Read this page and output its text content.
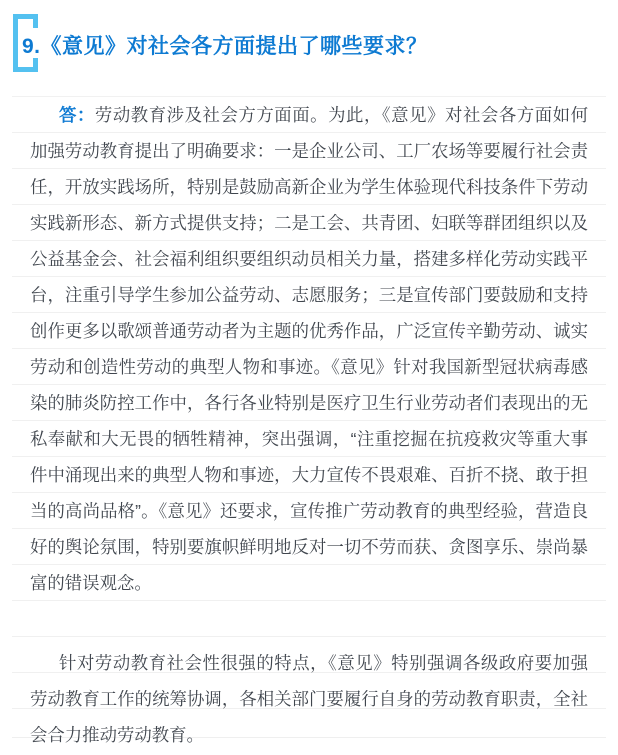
9.《意见》对社会各方面提出了哪些要求？

答：劳动教育涉及社会方方面面。为此，《意见》对社会各方面如何加强劳动教育提出了明确要求：一是企业公司、工厂农场等要履行社会责任，开放实践场所，特别是鼓励高新企业为学生体验现代科技条件下劳动实践新形态、新方式提供支持；二是工会、共青团、妇联等群团组织以及公益基金会、社会福利组织要组织动员相关力量，搭建多样化劳动实践平台，注重引导学生参加公益劳动、志愿服务；三是宣传部门要鼓励和支持创作更多以歌颂普通劳动者为主题的优秀作品，广泛宣传辛勤劳动、诚实劳动和创造性劳动的典型人物和事迹。《意见》针对我国新型冠状病毒感染的肺炎防控工作中，各行各业特别是医疗卫生行业劳动者们表现出的无私奉献和大无畏的牺牲精神，突出强调，“注重挖掘在抗疫救灾等重大事件中涌现出来的典型人物和事迹，大力宣传不畏艰难、百折不挠、敢于担当的高尚品格”。《意见》还要求，宣传推广劳动教育的典型经验，营造良好的舆论氛围，特别要旗帜鲜明地反对一切不劳而获、贪图享乐、崇尚暴富的错误观念。

针对劳动教育社会性很强的特点，《意见》特别强调各级政府要加强劳动教育工作的统筹协调，各相关部门要履行自身的劳动教育职责，全社会合力推动劳动教育。
